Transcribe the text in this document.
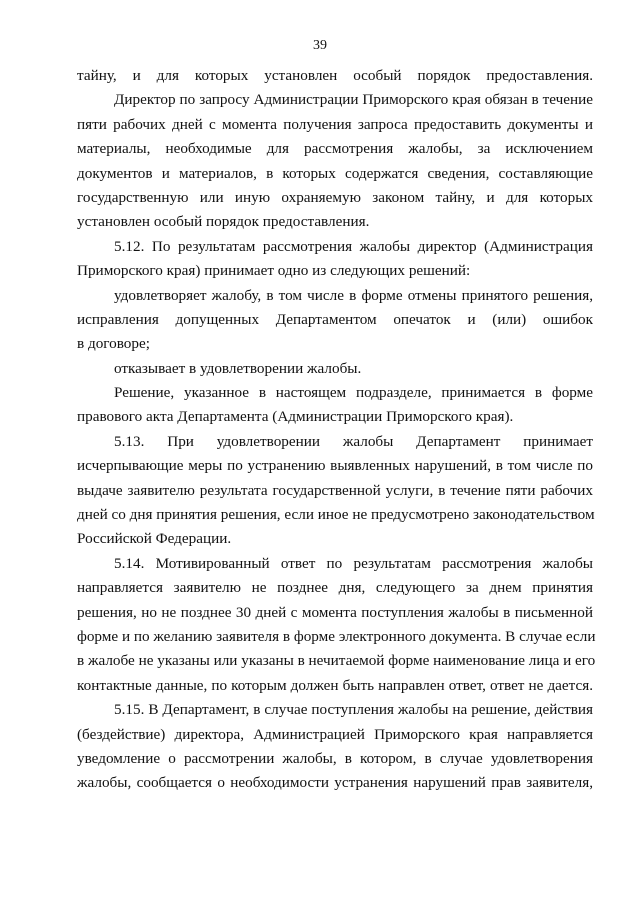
39
тайну, и для которых установлен особый порядок предоставления.
Директор по запросу Администрации Приморского края обязан в течение
пяти рабочих дней с момента получения запроса предоставить документы и
материалы, необходимые для рассмотрения жалобы, за исключением
документов и материалов, в которых содержатся сведения, составляющие
государственную или иную охраняемую законом тайну, и для которых
установлен особый порядок предоставления.
5.12. По результатам рассмотрения жалобы директор (Администрация
Приморского края) принимает одно из следующих решений:
удовлетворяет жалобу, в том числе в форме отмены принятого решения,
исправления допущенных Департаментом опечаток и (или) ошибок
в договоре;
отказывает в удовлетворении жалобы.
Решение, указанное в настоящем подразделе, принимается в форме
правового акта Департамента (Администрации Приморского края).
5.13. При удовлетворении жалобы Департамент принимает
исчерпывающие меры по устранению выявленных нарушений, в том числе по
выдаче заявителю результата государственной услуги, в течение пяти рабочих
дней со дня принятия решения, если иное не предусмотрено законодательством
Российской Федерации.
5.14. Мотивированный ответ по результатам рассмотрения жалобы
направляется заявителю не позднее дня, следующего за днем принятия
решения, но не позднее 30 дней с момента поступления жалобы в письменной
форме и по желанию заявителя в форме электронного документа. В случае если
в жалобе не указаны или указаны в нечитаемой форме наименование лица и его
контактные данные, по которым должен быть направлен ответ, ответ не дается.
5.15. В Департамент, в случае поступления жалобы на решение, действия
(бездействие) директора, Администрацией Приморского края направляется
уведомление о рассмотрении жалобы, в котором, в случае удовлетворения
жалобы, сообщается о необходимости устранения нарушений прав заявителя,
